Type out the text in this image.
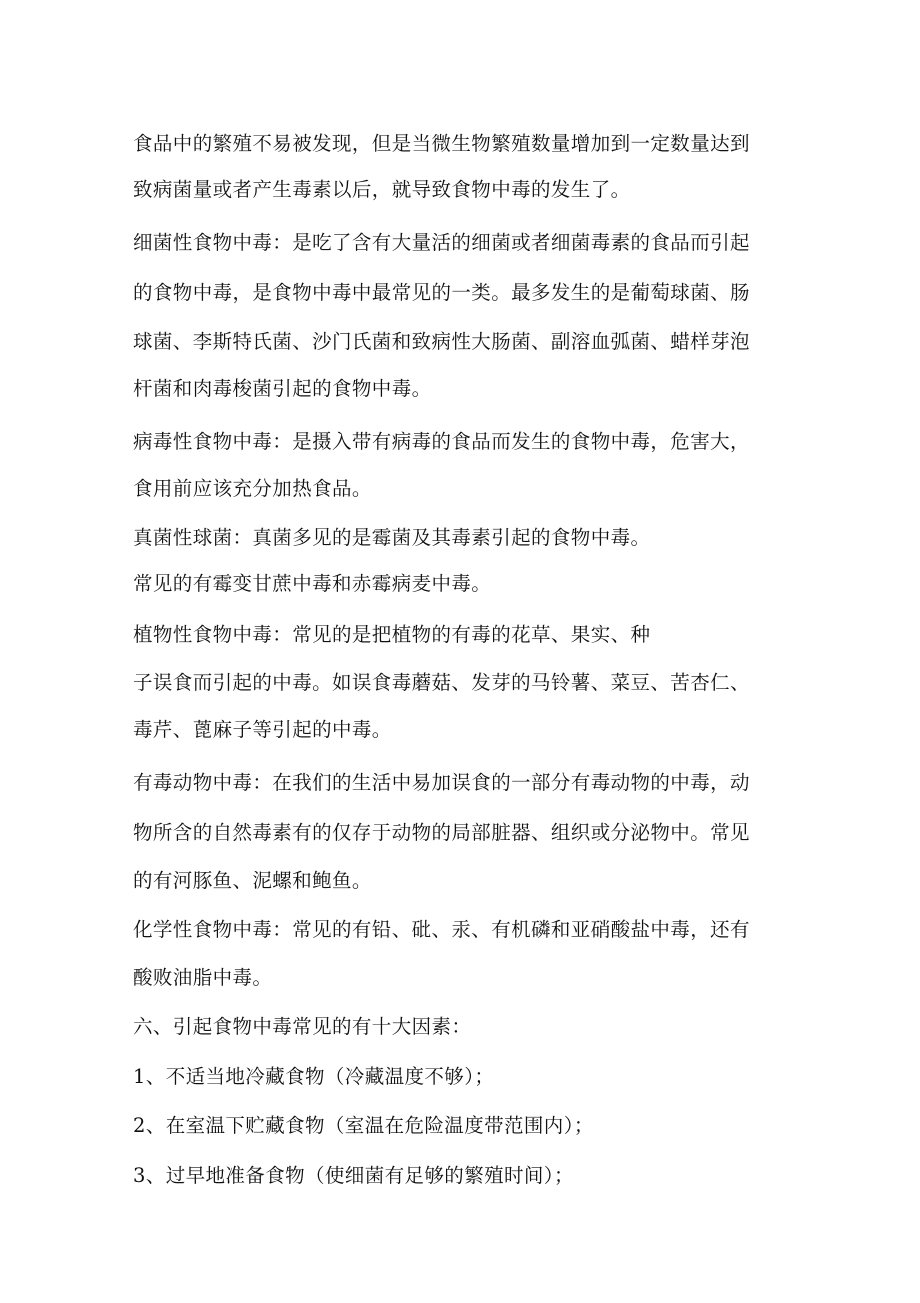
食品中的繁殖不易被发现，但是当微生物繁殖数量增加到一定数量达到
致病菌量或者产生毒素以后，就导致食物中毒的发生了。
细菌性食物中毒：是吃了含有大量活的细菌或者细菌毒素的食品而引起
的食物中毒，是食物中毒中最常见的一类。最多发生的是葡萄球菌、肠
球菌、李斯特氏菌、沙门氏菌和致病性大肠菌、副溶血弧菌、蜡样芽泡
杆菌和肉毒梭菌引起的食物中毒。
病毒性食物中毒：是摄入带有病毒的食品而发生的食物中毒，危害大，
食用前应该充分加热食品。
真菌性球菌：真菌多见的是霉菌及其毒素引起的食物中毒。
常见的有霉变甘蔗中毒和赤霉病麦中毒。
植物性食物中毒：常见的是把植物的有毒的花草、果实、种
子误食而引起的中毒。如误食毒蘑菇、发芽的马铃薯、菜豆、苦杏仁、
毒芹、蓖麻子等引起的中毒。
有毒动物中毒：在我们的生活中易加误食的一部分有毒动物的中毒，动
物所含的自然毒素有的仅存于动物的局部脏器、组织或分泌物中。常见
的有河豚鱼、泥螺和鲍鱼。
化学性食物中毒：常见的有铅、砒、汞、有机磷和亚硝酸盐中毒，还有
酸败油脂中毒。
六、引起食物中毒常见的有十大因素：
1、不适当地冷藏食物（冷藏温度不够）；
2、在室温下贮藏食物（室温在危险温度带范围内）；
3、过早地准备食物（使细菌有足够的繁殖时间）；
